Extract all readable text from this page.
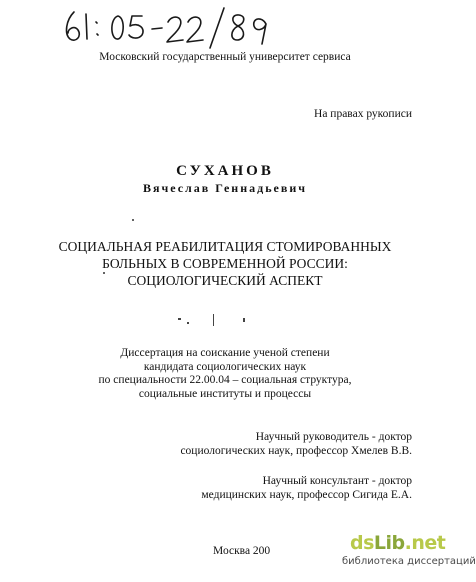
Московский государственный университет сервиса
На правах рукописи
СУХАНОВ
Вячеслав Геннадьевич
СОЦИАЛЬНАЯ РЕАБИЛИТАЦИЯ СТОМИРОВАННЫХ
БОЛЬНЫХ В СОВРЕМЕННОЙ РОССИИ:
СОЦИОЛОГИЧЕСКИЙ АСПЕКТ
Диссертация на соискание ученой степени
кандидата социологических наук
по специальности 22.00.04 – социальная структура,
социальные институты и процессы
Научный руководитель - доктор
социологических наук, профессор Хмелев В.В.
Научный консультант - доктор
медицинских наук, профессор Сигида Е.А.
Москва 200	dsLib.net
библиотека диссертаций
